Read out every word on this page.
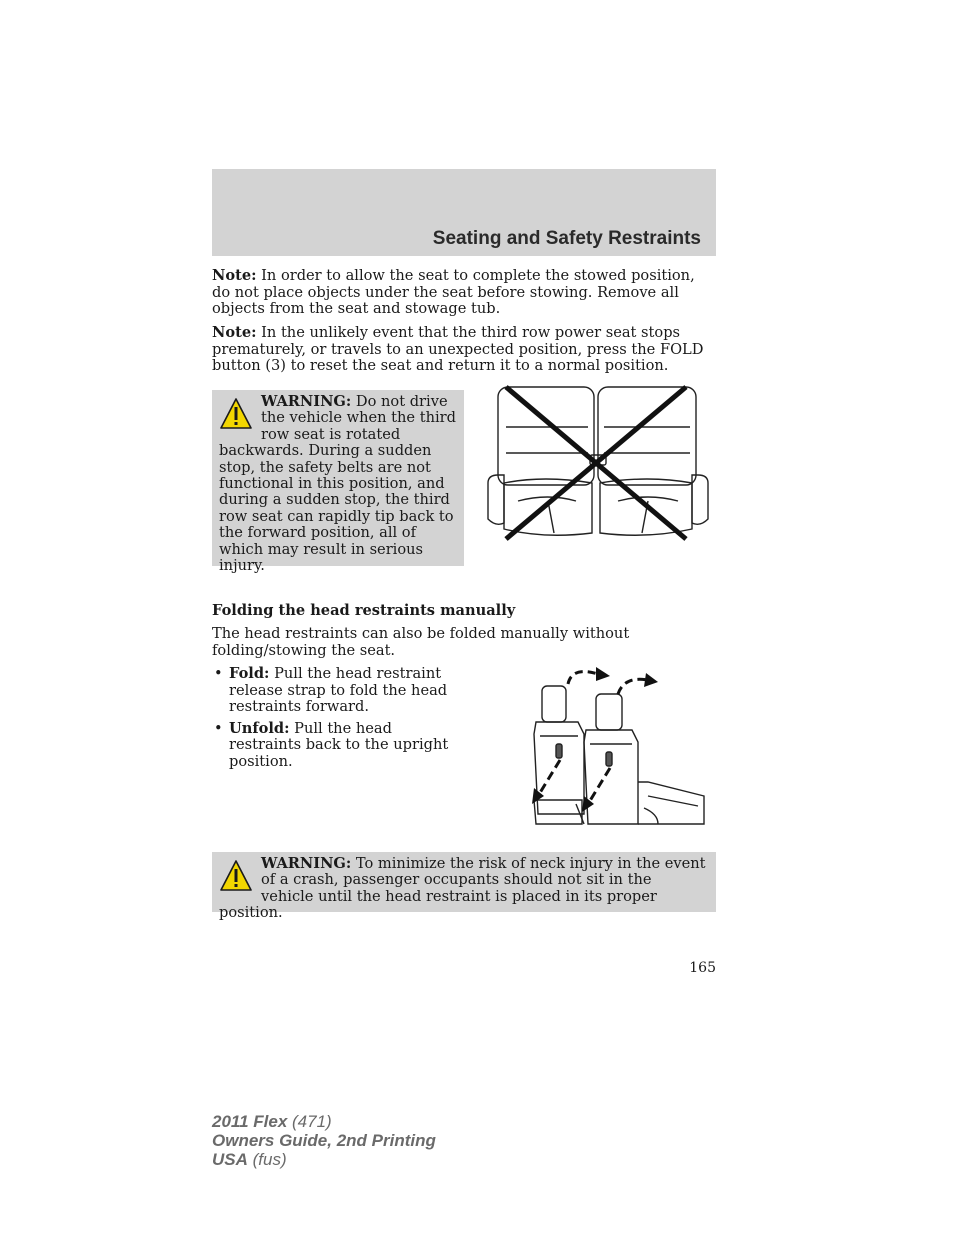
Seating and Safety Restraints

Note: In order to allow the seat to complete the stowed position, do not place objects under the seat before stowing. Remove all objects from the seat and stowage tub.

Note: In the unlikely event that the third row power seat stops prematurely, or travels to an unexpected position, press the FOLD button (3) to reset the seat and return it to a normal position.

WARNING: Do not drive the vehicle when the third row seat is rotated backwards. During a sudden stop, the safety belts are not functional in this position, and during a sudden stop, the third row seat can rapidly tip back to the forward position, all of which may result in serious injury.
Folding the head restraints manually

The head restraints can also be folded manually without folding/stowing the seat.

• Fold: Pull the head restraint release strap to fold the head restraints forward.
• Unfold: Pull the head restraints back to the upright position.
WARNING: To minimize the risk of neck injury in the event of a crash, passenger occupants should not sit in the vehicle until the head restraint is placed in its proper position.
165
2011 Flex (471)
Owners Guide, 2nd Printing
USA (fus)
